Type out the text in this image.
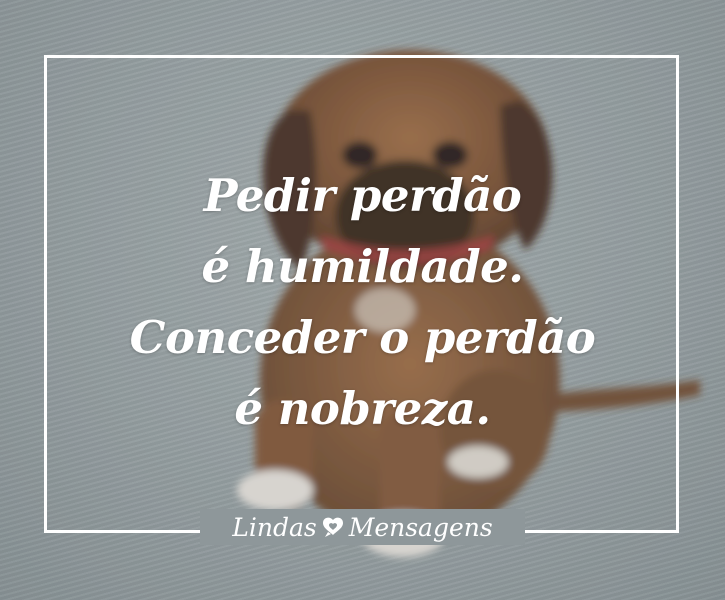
Pedir perdão
é humildade.
Conceder o perdão
é nobreza.

Lindas Mensagens
